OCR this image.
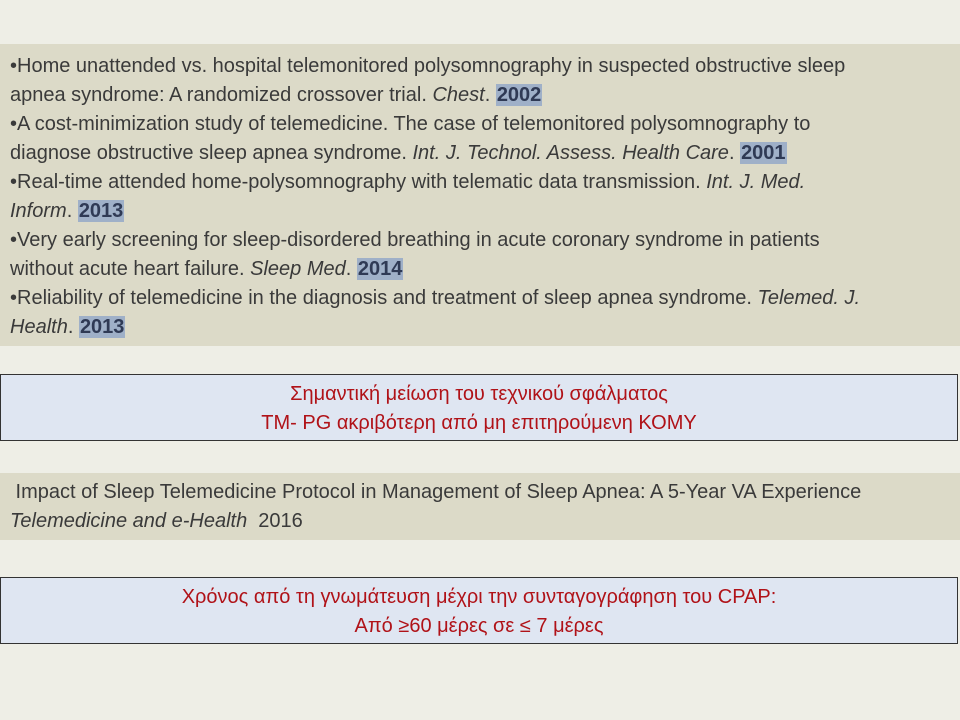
•Home unattended vs. hospital telemonitored polysomnography in suspected obstructive sleep

apnea syndrome: A randomized crossover trial. Chest. 2002

•A cost-minimization study of telemedicine. The case of telemonitored polysomnography to

diagnose obstructive sleep apnea syndrome. Int. J. Technol. Assess. Health Care. 2001

•Real-time attended home-polysomnography with telematic data transmission. Int. J. Med.

Inform. 2013

•Very early screening for sleep-disordered breathing in acute coronary syndrome in patients

without acute heart failure. Sleep Med. 2014

•Reliability of telemedicine in the diagnosis and treatment of sleep apnea syndrome. Telemed. J.

Health. 2013

Σημαντική μείωση του τεχνικού σφάλματος
TM- PG ακριβότερη από μη επιτηρούμενη ΚΟΜΥ
Impact of Sleep Telemedicine Protocol in Management of Sleep Apnea: A 5-Year VA Experience
Telemedicine and e-Health  2016
Χρόνος από τη γνωμάτευση μέχρι την συνταγογράφηση του CPAP:
Από ≥60 μέρες σε ≤ 7 μέρες
